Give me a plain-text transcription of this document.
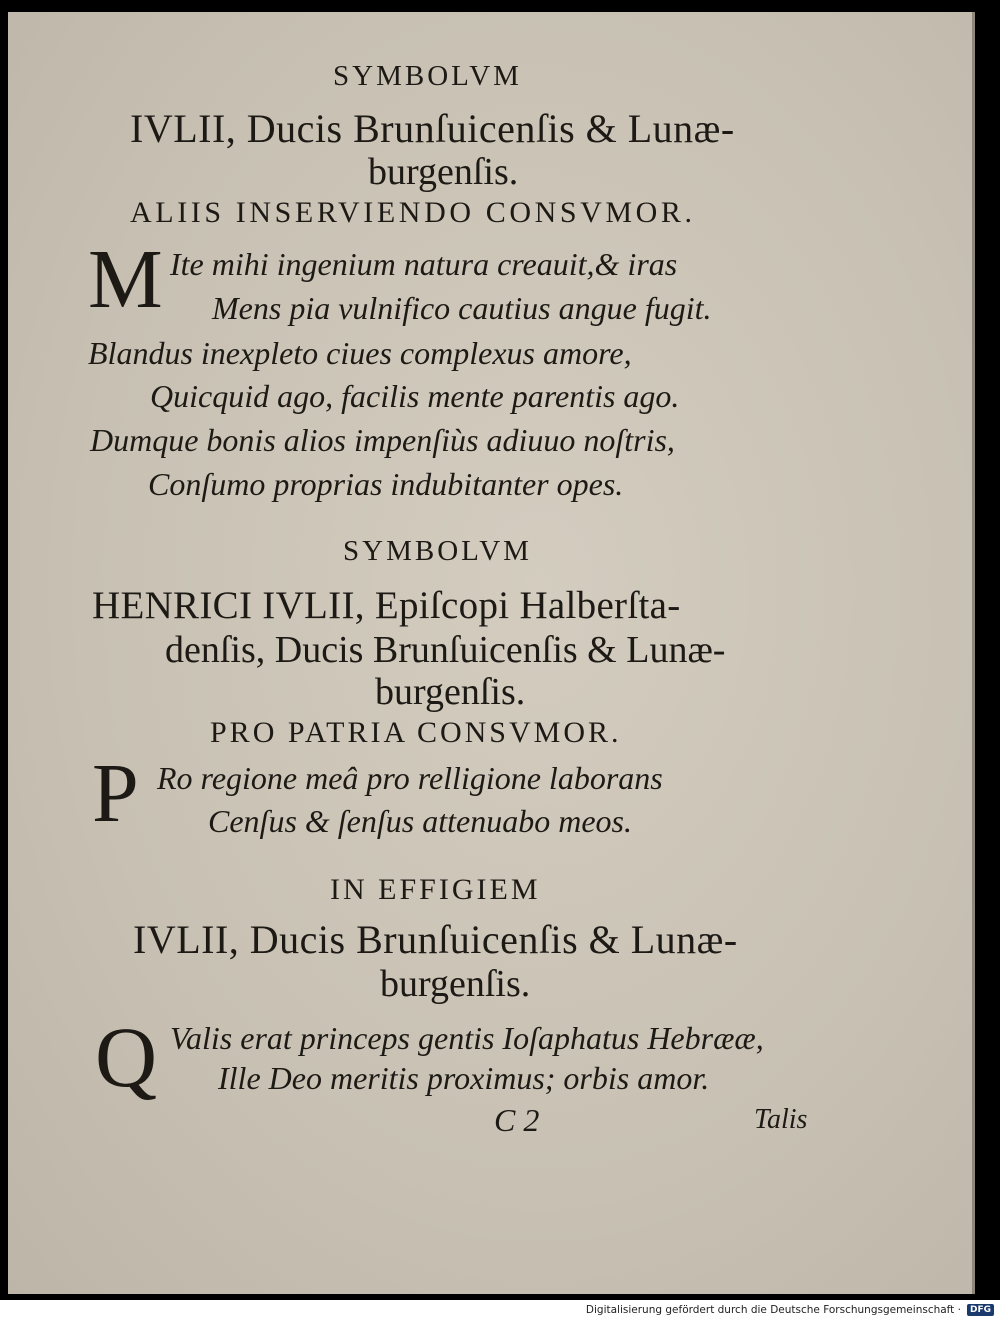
SYMBOLVM
IVLII, Ducis Brunſuicenſis & Lunæ-
burgenſis.
ALIIS INSERVIENDO CONSVMOR.
M Ite mihi ingenium natura creauit,& iras
Mens pia vulnifico cautius angue fugit.
Blandus inexpleto ciues complexus amore,
Quicquid ago, facilis mente parentis ago.
Dumque bonis alios impenſiùs adiuuo noſtris,
Conſumo proprias indubitanter opes.
SYMBOLVM
HENRICI IVLII, Epiſcopi Halberſta-
denſis, Ducis Brunſuicenſis & Lunæ-
burgenſis.
PRO PATRIA CONSVMOR.
P Ro regione meâ pro relligione laborans
Cenſus & ſenſus attenuabo meos.
IN EFFIGIEM
IVLII, Ducis Brunſuicenſis & Lunæ-
burgenſis.
Q Valis erat princeps gentis Ioſaphatus Hebrææ,
Ille Deo meritis proximus; orbis amor.
C 2	Talis
Digitalisierung gefördert durch die Deutsche Forschungsgemeinschaft ·	DFG
